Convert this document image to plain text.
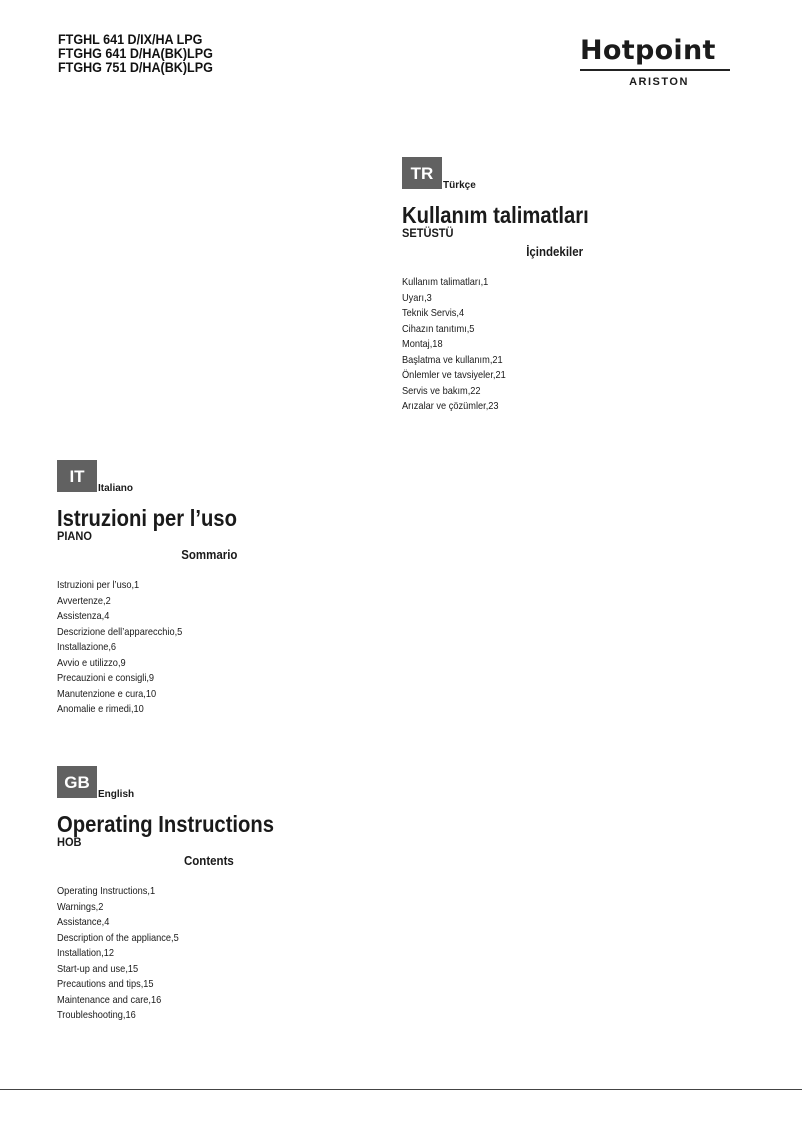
FTGHL 641 D/IX/HA LPG
FTGHG 641 D/HA(BK)LPG
FTGHG 751 D/HA(BK)LPG
Hotpoint
ARISTON
TRTürkçe
Kullanım talimatları
SETÜSTÜ
İçindekiler
Kullanım talimatları,1
Uyarı,3
Teknik Servis,4
Cihazın tanıtımı,5
Montaj,18
Başlatma ve kullanım,21
Önlemler ve tavsiyeler,21
Servis ve bakım,22
Arızalar ve çözümler,23
ITItaliano
Istruzioni per l’uso
PIANO
Sommario
Istruzioni per l’uso,1
Avvertenze,2
Assistenza,4
Descrizione dell’apparecchio,5
Installazione,6
Avvio e utilizzo,9
Precauzioni e consigli,9
Manutenzione e cura,10
Anomalie e rimedi,10
GBEnglish
Operating Instructions
HOB
Contents
Operating Instructions,1
Warnings,2
Assistance,4
Description of the appliance,5
Installation,12
Start-up and use,15
Precautions and tips,15
Maintenance and care,16
Troubleshooting,16
